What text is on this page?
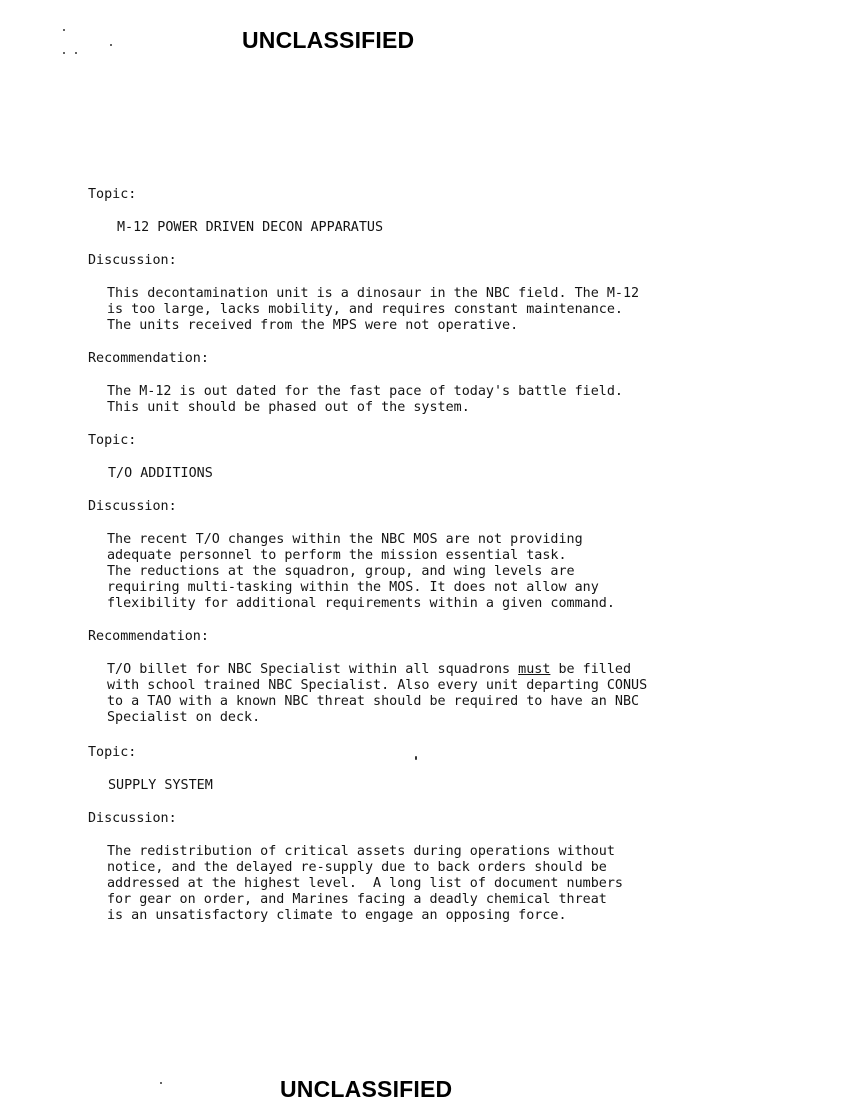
UNCLASSIFIED
Topic:
M-12 POWER DRIVEN DECON APPARATUS
Discussion:
This decontamination unit is a dinosaur in the NBC field. The M-12
is too large, lacks mobility, and requires constant maintenance.
The units received from the MPS were not operative.
Recommendation:
The M-12 is out dated for the fast pace of today's battle field.
This unit should be phased out of the system.
Topic:
T/O ADDITIONS
Discussion:
The recent T/O changes within the NBC MOS are not providing
adequate personnel to perform the mission essential task.
The reductions at the squadron, group, and wing levels are
requiring multi-tasking within the MOS. It does not allow any
flexibility for additional requirements within a given command.
Recommendation:
T/O billet for NBC Specialist within all squadrons must be filled
with school trained NBC Specialist. Also every unit departing CONUS
to a TAO with a known NBC threat should be required to have an NBC
Specialist on deck.
Topic:
SUPPLY SYSTEM
Discussion:
The redistribution of critical assets during operations without
notice, and the delayed re-supply due to back orders should be
addressed at the highest level.  A long list of document numbers
for gear on order, and Marines facing a deadly chemical threat
is an unsatisfactory climate to engage an opposing force.
UNCLASSIFIED
